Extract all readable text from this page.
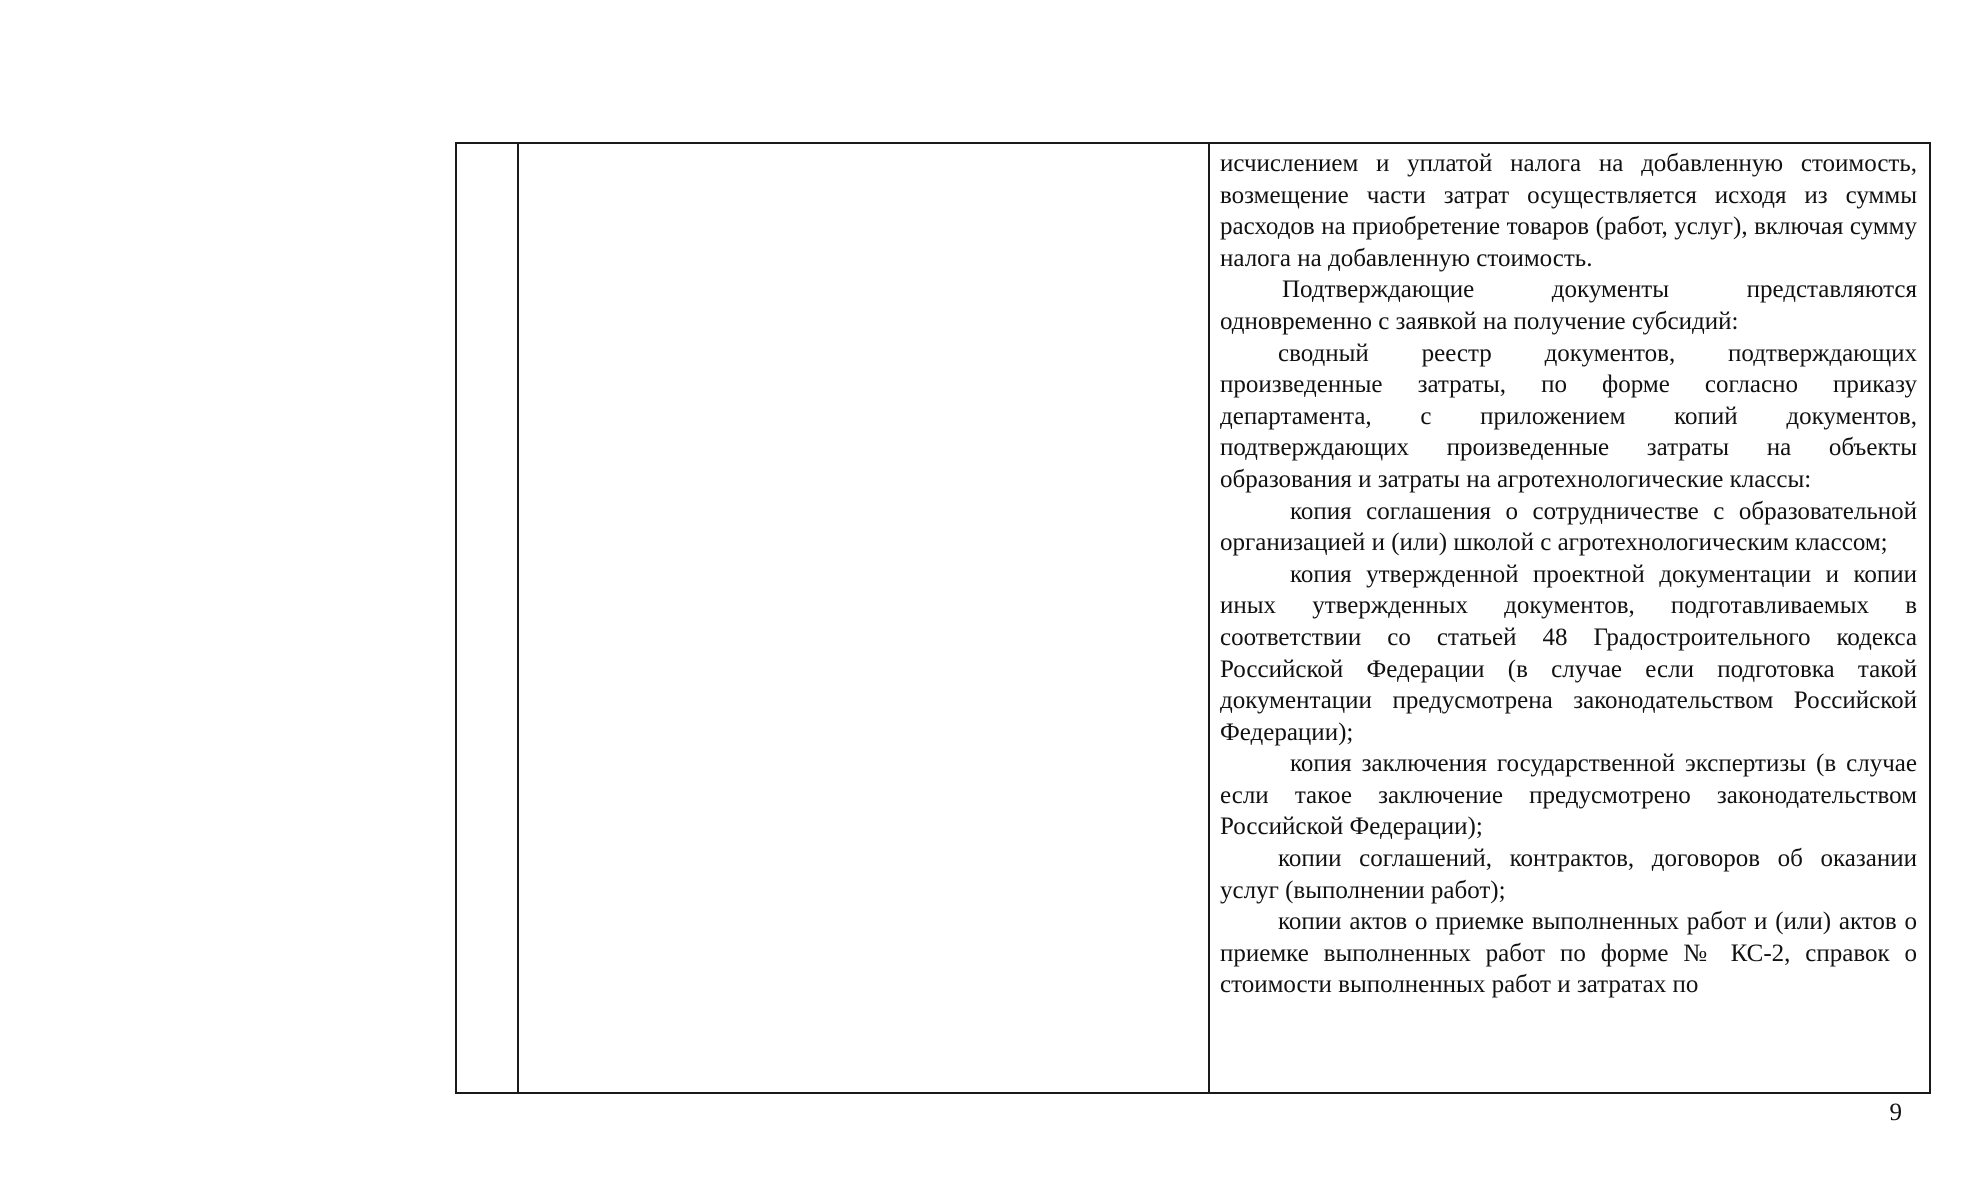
исчислением и уплатой налога на добавленную стоимость, возмещение части затрат осуществляется исходя из суммы расходов на приобретение товаров (работ, услуг), включая сумму налога на добавленную стоимость.

Подтверждающие документы представляются одновременно с заявкой на получение субсидий:

сводный реестр документов, подтверждающих произведенные затраты, по форме согласно приказу департамента, с приложением копий документов, подтверждающих произведенные затраты на объекты образования и затраты на агротехнологические классы:

копия соглашения о сотрудничестве с образовательной организацией и (или) школой с агротехнологическим классом;

копия утвержденной проектной документации и копии иных утвержденных документов, подготавливаемых в соответствии со статьей 48 Градостроительного кодекса Российской Федерации (в случае если подготовка такой документации предусмотрена законодательством Российской Федерации);

копия заключения государственной экспертизы (в случае если такое заключение предусмотрено законодательством Российской Федерации);

копии соглашений, контрактов, договоров об оказании услуг (выполнении работ);

копии актов о приемке выполненных работ и (или) актов о приемке выполненных работ по форме № КС-2, справок о стоимости выполненных работ и затратах по

9
